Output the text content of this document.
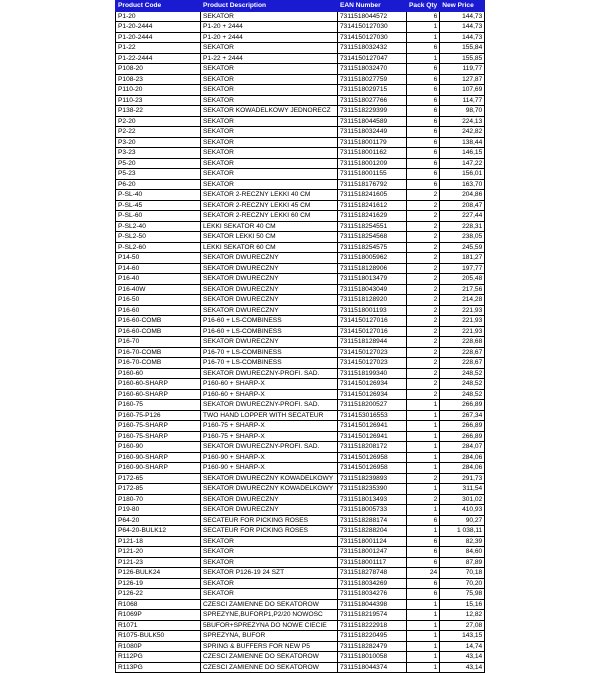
Product Code	Product Description	EAN Number	Pack Qty	New Price
P1-20	SEKATOR	7311518044572	6	144,73
P1-20-2444	P1-20 + 2444	7314150127030	1	144,73
P1-20-2444	P1-20 + 2444	7314150127030	1	144,73
P1-22	SEKATOR	7311518032432	6	155,84
P1-22-2444	P1-22 + 2444	7314150127047	1	155,85
P108-20	SEKATOR	7311518032470	6	119,77
P108-23	SEKATOR	7311518027759	6	127,87
P110-20	SEKATOR	7311518029715	6	107,69
P110-23	SEKATOR	7311518027766	6	114,77
P138-22	SEKATOR KOWADELKOWY JEDNORECZ	7311518229399	6	98,70
P2-20	SEKATOR	7311518044589	6	224,13
P2-22	SEKATOR	7311518032449	6	242,82
P3-20	SEKATOR	7311518001179	6	138,44
P3-23	SEKATOR	7311518001162	6	146,15
P5-20	SEKATOR	7311518001209	6	147,22
P5-23	SEKATOR	7311518001155	6	156,01
P6-20	SEKATOR	7311518176792	6	163,70
P-SL-40	SEKATOR 2-RECZNY LEKKI 40 CM	7311518241605	2	204,86
P-SL-45	SEKATOR 2-RECZNY LEKKI 45 CM	7311518241612	2	208,47
P-SL-60	SEKATOR 2-RECZNY LEKKI 60 CM	7311518241629	2	227,44
P-SL2-40	LEKKI SEKATOR 40 CM	7311518254551	2	228,31
P-SL2-50	SEKATOR LEKKI 50 CM	7311518254568	2	238,05
P-SL2-60	LEKKI SEKATOR 60 CM	7311518254575	2	245,59
P14-50	SEKATOR DWURECZNY	7311518005962	2	181,27
P14-60	SEKATOR DWURECZNY	7311518128906	2	197,77
P16-40	SEKATOR DWURECZNY	7311518013479	2	205,48
P16-40W	SEKATOR DWURECZNY	7311518043049	2	217,56
P16-50	SEKATOR DWURECZNY	7311518128920	2	214,28
P16-60	SEKATOR DWURECZNY	7311518001193	2	221,93
P16-60-COMB	P16-60 + LS-COMBINESS	7314150127016	2	221,93
P16-60-COMB	P16-60 + LS-COMBINESS	7314150127016	2	221,93
P16-70	SEKATOR DWURECZNY	7311518128944	2	228,68
P16-70-COMB	P16-70 + LS-COMBINESS	7314150127023	2	228,67
P16-70-COMB	P16-70 + LS-COMBINESS	7314150127023	2	228,67
P160-60	SEKATOR DWURECZNY-PROFI. SAD.	7311518199340	2	248,52
P160-60-SHARP	P160-60 + SHARP-X	7314150126934	2	248,52
P160-60-SHARP	P160-60 + SHARP-X	7314150126934	2	248,52
P160-75	SEKATOR DWURECZNY-PROFI. SAD.	7311518200527	1	266,89
P160-75-P126	TWO HAND LOPPER WITH SECATEUR	7314153016553	1	267,34
P160-75-SHARP	P160-75 + SHARP-X	7314150126941	1	266,89
P160-75-SHARP	P160-75 + SHARP-X	7314150126941	1	266,89
P160-90	SEKATOR DWURECZNY-PROFI. SAD.	7311518208172	1	284,07
P160-90-SHARP	P160-90 + SHARP-X	7314150126958	1	284,06
P160-90-SHARP	P160-90 + SHARP-X	7314150126958	1	284,06
P172-65	SEKATOR DWURECZNY KOWADELKOWY	7311518239893	2	291,73
P172-85	SEKATOR DWURECZNY KOWADELKOWY	7311518235390	1	311,54
P180-70	SEKATOR DWURECZNY	7311518013493	2	301,02
P19-80	SEKATOR DWURECZNY	7311518005733	1	410,93
P64-20	SECATEUR FOR PICKING ROSES	7311518288174	6	90,27
P64-20-BULK12	SECATEUR FOR PICKING ROSES	7311518288204	1	1 038,11
P121-18	SEKATOR	7311518001124	6	82,39
P121-20	SEKATOR	7311518001247	6	84,60
P121-23	SEKATOR	7311518001117	6	87,89
P126-BULK24	SEKATOR P126-19 24 SZT	7311518278748	24	70,18
P126-19	SEKATOR	7311518034269	6	70,20
P126-22	SEKATOR	7311518034276	6	75,98
R1068	CZESCI ZAMIENNE DO SEKATOROW	7311518044398	1	15,16
R1069P	SPREZYNE,BUFORP1,P2/20 NOWOSC	7311518219574	1	12,82
R1071	5BUFOR+SPREZYNA DO NOWE CIECIE	7311518222918	1	27,08
R1075-BULK50	SPREZYNA, BUFOR	7311518220495	1	143,15
R1080P	SPRING & BUFFERS FOR NEW P5	7311518282479	1	14,74
R112PG	CZESCI ZAMIENNE DO SEKATOROW	7311518010058	1	43,14
R113PG	CZESCI ZAMIENNE DO SEKATOROW	7311518044374	1	43,14
